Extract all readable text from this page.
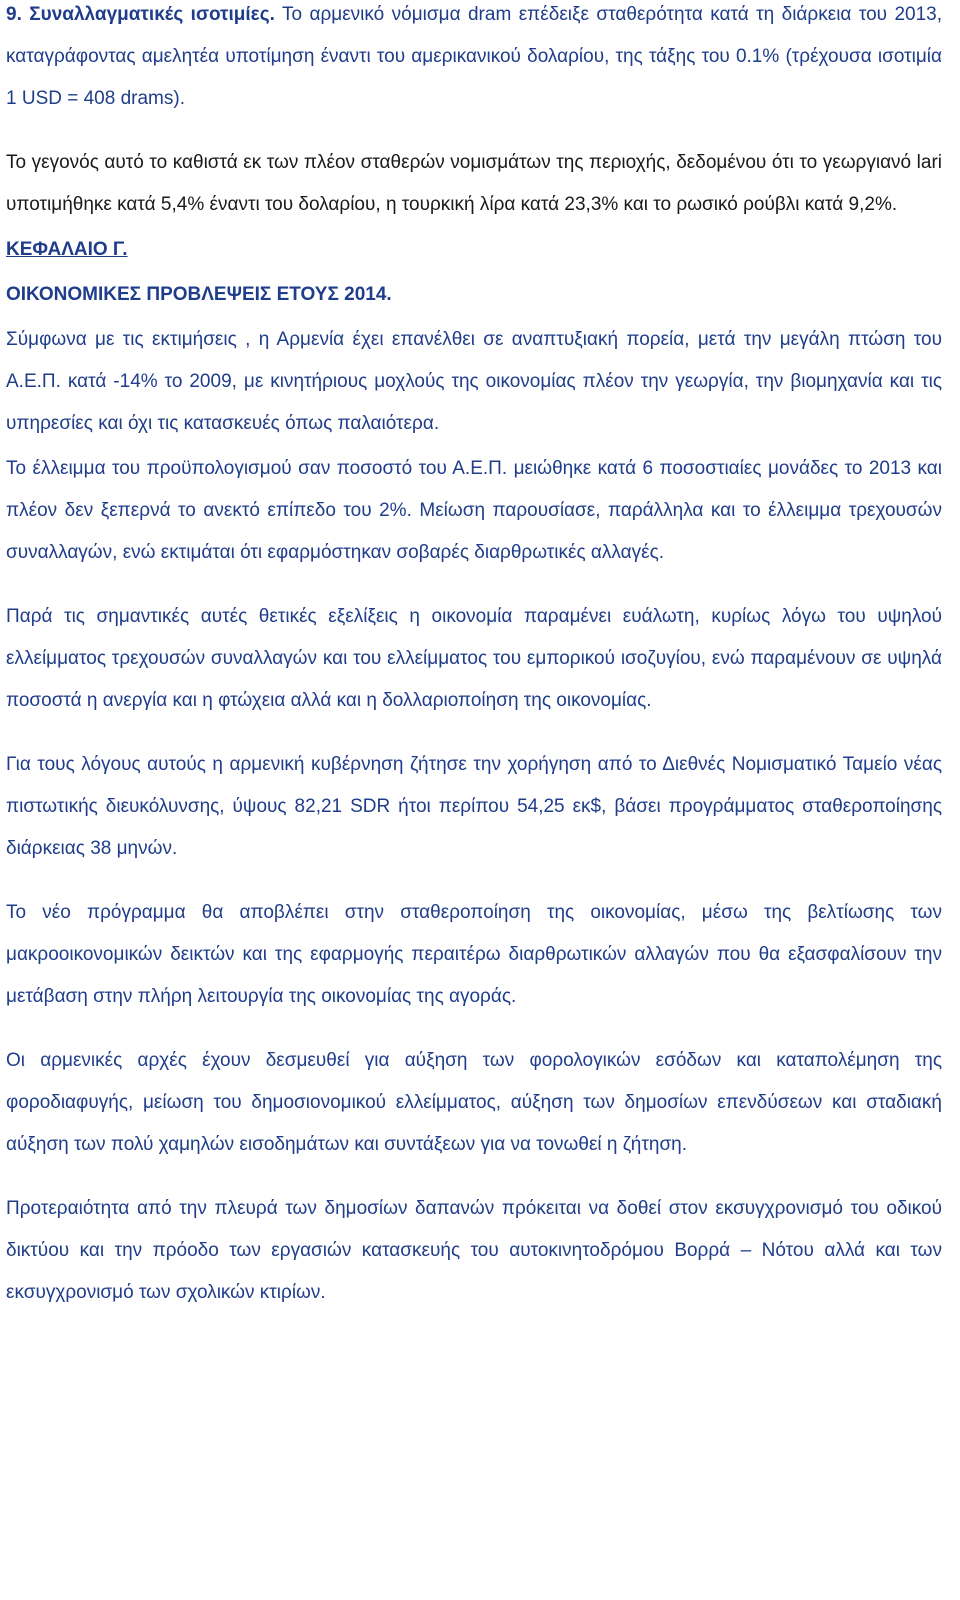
9. Συναλλαγματικές ισοτιμίες. Το αρμενικό νόμισμα dram επέδειξε σταθερότητα κατά τη διάρκεια του 2013, καταγράφοντας αμελητέα υποτίμηση έναντι του αμερικανικού δολαρίου, της τάξης του 0.1% (τρέχουσα ισοτιμία 1 USD = 408 drams).

Το γεγονός αυτό το καθιστά εκ των πλέον σταθερών νομισμάτων της περιοχής, δεδομένου ότι το γεωργιανό lari υποτιμήθηκε κατά 5,4% έναντι του δολαρίου, η τουρκική λίρα κατά 23,3% και το ρωσικό ρούβλι κατά 9,2%.

ΚΕΦΑΛΑΙΟ Γ.

ΟΙΚΟΝΟΜΙΚΕΣ ΠΡΟΒΛΕΨΕΙΣ ΕΤΟΥΣ 2014.

Σύμφωνα με τις εκτιμήσεις , η Αρμενία έχει επανέλθει σε αναπτυξιακή πορεία, μετά την μεγάλη πτώση του Α.Ε.Π. κατά -14% το 2009, με κινητήριους μοχλούς της οικονομίας πλέον την γεωργία, την βιομηχανία και τις υπηρεσίες και όχι τις κατασκευές όπως παλαιότερα.

Το έλλειμμα του προϋπολογισμού σαν ποσοστό του Α.Ε.Π. μειώθηκε κατά 6 ποσοστιαίες μονάδες το 2013 και πλέον δεν ξεπερνά το ανεκτό επίπεδο του 2%. Μείωση παρουσίασε, παράλληλα και το έλλειμμα τρεχουσών συναλλαγών, ενώ εκτιμάται ότι εφαρμόστηκαν σοβαρές διαρθρωτικές αλλαγές.

Παρά τις σημαντικές αυτές θετικές εξελίξεις η οικονομία παραμένει ευάλωτη, κυρίως λόγω του υψηλού ελλείμματος τρεχουσών συναλλαγών και του ελλείμματος του εμπορικού ισοζυγίου, ενώ παραμένουν σε υψηλά ποσοστά η ανεργία και η φτώχεια αλλά και η δολλαριοποίηση της οικονομίας.

Για τους λόγους αυτούς η αρμενική κυβέρνηση ζήτησε την χορήγηση από το Διεθνές Νομισματικό Ταμείο νέας πιστωτικής διευκόλυνσης, ύψους 82,21 SDR ήτοι περίπου 54,25 εκ$, βάσει προγράμματος σταθεροποίησης διάρκειας 38 μηνών.

Το νέο πρόγραμμα θα αποβλέπει στην σταθεροποίηση της οικονομίας, μέσω της βελτίωσης των μακροοικονομικών δεικτών και της εφαρμογής περαιτέρω διαρθρωτικών αλλαγών που θα εξασφαλίσουν την μετάβαση στην πλήρη λειτουργία της οικονομίας της αγοράς.

Οι αρμενικές αρχές έχουν δεσμευθεί για αύξηση των φορολογικών εσόδων και καταπολέμηση της φοροδιαφυγής, μείωση του δημοσιονομικού ελλείμματος, αύξηση των δημοσίων επενδύσεων και σταδιακή αύξηση των πολύ χαμηλών εισοδημάτων και συντάξεων για να τονωθεί η ζήτηση.

Προτεραιότητα από την πλευρά των δημοσίων δαπανών πρόκειται να δοθεί στον εκσυγχρονισμό του οδικού δικτύου και την πρόοδο των εργασιών κατασκευής του αυτοκινητοδρόμου Βορρά – Νότου αλλά και των εκσυγχρονισμό των σχολικών κτιρίων.
